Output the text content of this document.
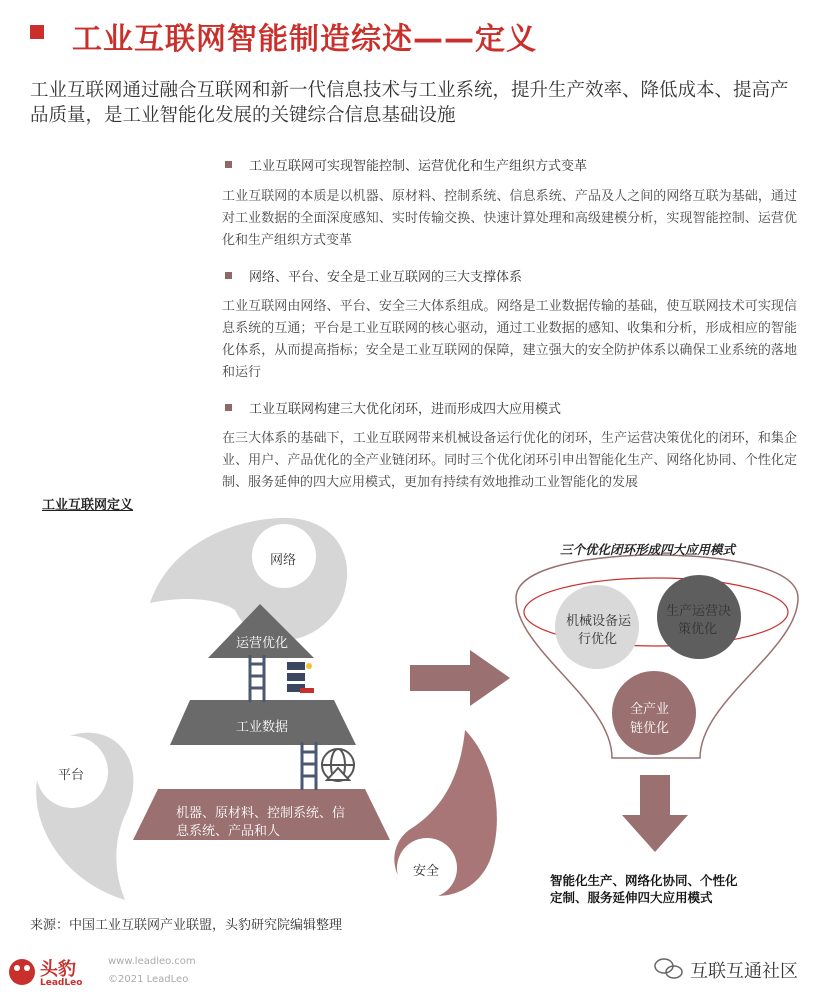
工业互联网智能制造综述——定义
工业互联网通过融合互联网和新一代信息技术与工业系统，提升生产效率、降低成本、提高产品质量，是工业智能化发展的关键综合信息基础设施
工业互联网可实现智能控制、运营优化和生产组织方式变革
工业互联网的本质是以机器、原材料、控制系统、信息系统、产品及人之间的网络互联为基础，通过对工业数据的全面深度感知、实时传输交换、快速计算处理和高级建模分析，实现智能控制、运营优化和生产组织方式变革
网络、平台、安全是工业互联网的三大支撑体系
工业互联网由网络、平台、安全三大体系组成。网络是工业数据传输的基础，使互联网技术可实现信息系统的互通；平台是工业互联网的核心驱动，通过工业数据的感知、收集和分析，形成相应的智能化体系，从而提高指标；安全是工业互联网的保障，建立强大的安全防护体系以确保工业系统的落地和运行
工业互联网构建三大优化闭环，进而形成四大应用模式
在三大体系的基础下，工业互联网带来机械设备运行优化的闭环，生产运营决策优化的闭环，和集企业、用户、产品优化的全产业链闭环。同时三个优化闭环引申出智能化生产、网络化协同、个性化定制、服务延伸的四大应用模式，更加有持续有效地推动工业智能化的发展
工业互联网定义
网络
平台
安全
运营优化
工业数据
机器、原材料、控制系统、信
息系统、产品和人
三个优化闭环形成四大应用模式
机械设备运
行优化
生产运营决
策优化
全产业
链优化
智能化生产、网络化协同、个性化
定制、服务延伸四大应用模式
来源：中国工业互联网产业联盟，头豹研究院编辑整理
头豹
LeadLeo
www.leadleo.com
©2021 LeadLeo	互联互通社区
